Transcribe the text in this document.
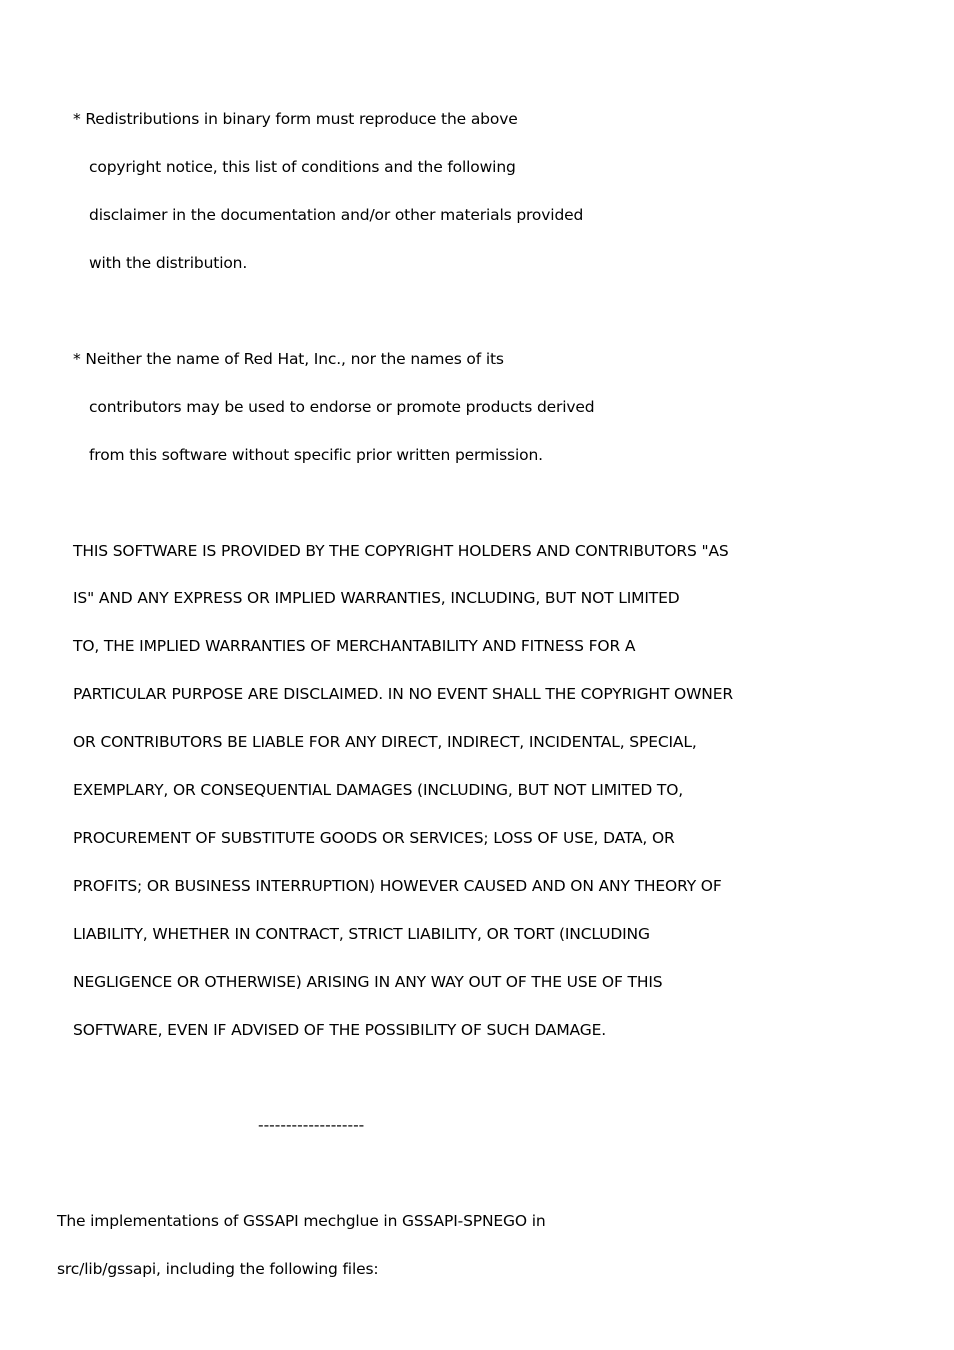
* Redistributions in binary form must reproduce the above
copyright notice, this list of conditions and the following
disclaimer in the documentation and/or other materials provided
with the distribution.
* Neither the name of Red Hat, Inc., nor the names of its
contributors may be used to endorse or promote products derived
from this software without specific prior written permission.
THIS SOFTWARE IS PROVIDED BY THE COPYRIGHT HOLDERS AND CONTRIBUTORS "AS
IS" AND ANY EXPRESS OR IMPLIED WARRANTIES, INCLUDING, BUT NOT LIMITED
TO, THE IMPLIED WARRANTIES OF MERCHANTABILITY AND FITNESS FOR A
PARTICULAR PURPOSE ARE DISCLAIMED. IN NO EVENT SHALL THE COPYRIGHT OWNER
OR CONTRIBUTORS BE LIABLE FOR ANY DIRECT, INDIRECT, INCIDENTAL, SPECIAL,
EXEMPLARY, OR CONSEQUENTIAL DAMAGES (INCLUDING, BUT NOT LIMITED TO,
PROCUREMENT OF SUBSTITUTE GOODS OR SERVICES; LOSS OF USE, DATA, OR
PROFITS; OR BUSINESS INTERRUPTION) HOWEVER CAUSED AND ON ANY THEORY OF
LIABILITY, WHETHER IN CONTRACT, STRICT LIABILITY, OR TORT (INCLUDING
NEGLIGENCE OR OTHERWISE) ARISING IN ANY WAY OUT OF THE USE OF THIS
SOFTWARE, EVEN IF ADVISED OF THE POSSIBILITY OF SUCH DAMAGE.
-------------------
The implementations of GSSAPI mechglue in GSSAPI-SPNEGO in
src/lib/gssapi, including the following files:
